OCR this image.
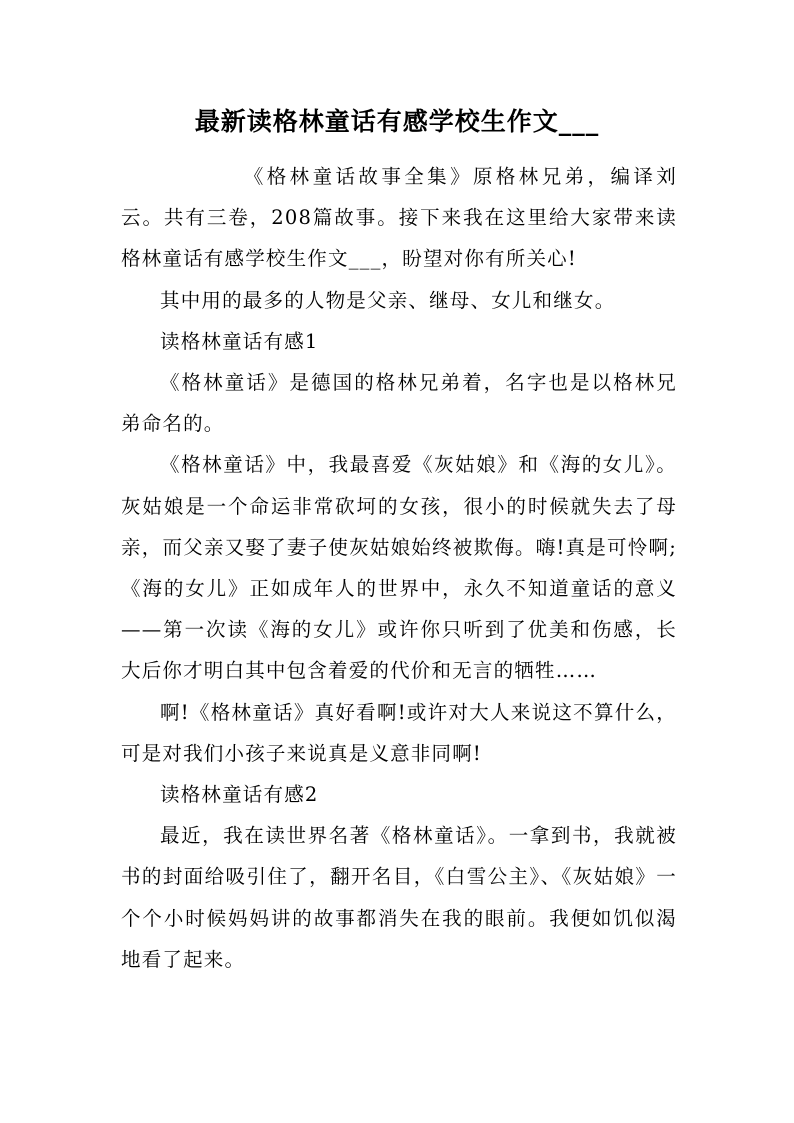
最新读格林童话有感学校生作文___

《格林童话故事全集》原格林兄弟，编译刘云。共有三卷，208篇故事。接下来我在这里给大家带来读格林童话有感学校生作文___，盼望对你有所关心!

其中用的最多的人物是父亲、继母、女儿和继女。

读格林童话有感1

《格林童话》是德国的格林兄弟着，名字也是以格林兄弟命名的。

《格林童话》中，我最喜爱《灰姑娘》和《海的女儿》。灰姑娘是一个命运非常砍坷的女孩，很小的时候就失去了母亲，而父亲又娶了妻子使灰姑娘始终被欺侮。嗨!真是可怜啊;《海的女儿》正如成年人的世界中，永久不知道童话的意义——第一次读《海的女儿》或许你只听到了优美和伤感，长大后你才明白其中包含着爱的代价和无言的牺牲……

啊!《格林童话》真好看啊!或许对大人来说这不算什么，可是对我们小孩子来说真是义意非同啊!

读格林童话有感2

最近，我在读世界名著《格林童话》。一拿到书，我就被书的封面给吸引住了，翻开名目，《白雪公主》、《灰姑娘》一个个小时候妈妈讲的故事都消失在我的眼前。我便如饥似渴地看了起来。
